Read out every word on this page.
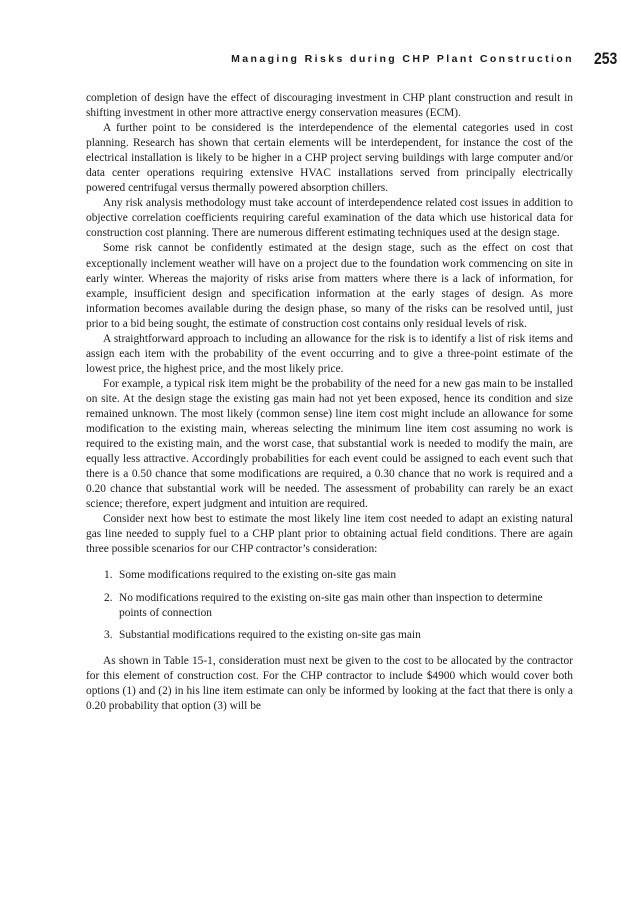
Managing Risks during CHP Plant Construction 253

completion of design have the effect of discouraging investment in CHP plant construction and result in shifting investment in other more attractive energy conservation measures (ECM).

A further point to be considered is the interdependence of the elemental categories used in cost planning. Research has shown that certain elements will be interdependent, for instance the cost of the electrical installation is likely to be higher in a CHP project serving buildings with large computer and/or data center operations requiring extensive HVAC installations served from principally electrically powered centrifugal versus thermally powered absorption chillers.

Any risk analysis methodology must take account of interdependence related cost issues in addition to objective correlation coefficients requiring careful examination of the data which use historical data for construction cost planning. There are numerous different estimating techniques used at the design stage.

Some risk cannot be confidently estimated at the design stage, such as the effect on cost that exceptionally inclement weather will have on a project due to the foundation work commencing on site in early winter. Whereas the majority of risks arise from matters where there is a lack of information, for example, insufficient design and specification information at the early stages of design. As more information becomes available during the design phase, so many of the risks can be resolved until, just prior to a bid being sought, the estimate of construction cost contains only residual levels of risk.

A straightforward approach to including an allowance for the risk is to identify a list of risk items and assign each item with the probability of the event occurring and to give a three-point estimate of the lowest price, the highest price, and the most likely price.

For example, a typical risk item might be the probability of the need for a new gas main to be installed on site. At the design stage the existing gas main had not yet been exposed, hence its condition and size remained unknown. The most likely (common sense) line item cost might include an allowance for some modification to the existing main, whereas selecting the minimum line item cost assuming no work is required to the existing main, and the worst case, that substantial work is needed to modify the main, are equally less attractive. Accordingly probabilities for each event could be assigned to each event such that there is a 0.50 chance that some modifications are required, a 0.30 chance that no work is required and a 0.20 chance that substantial work will be needed. The assessment of probability can rarely be an exact science; therefore, expert judgment and intuition are required.

Consider next how best to estimate the most likely line item cost needed to adapt an existing natural gas line needed to supply fuel to a CHP plant prior to obtaining actual field conditions. There are again three possible scenarios for our CHP contractor’s consideration:

1. Some modifications required to the existing on-site gas main
2. No modifications required to the existing on-site gas main other than inspection to determine points of connection
3. Substantial modifications required to the existing on-site gas main

As shown in Table 15-1, consideration must next be given to the cost to be allocated by the contractor for this element of construction cost. For the CHP contractor to include $4900 which would cover both options (1) and (2) in his line item estimate can only be informed by looking at the fact that there is only a 0.20 probability that option (3) will be
